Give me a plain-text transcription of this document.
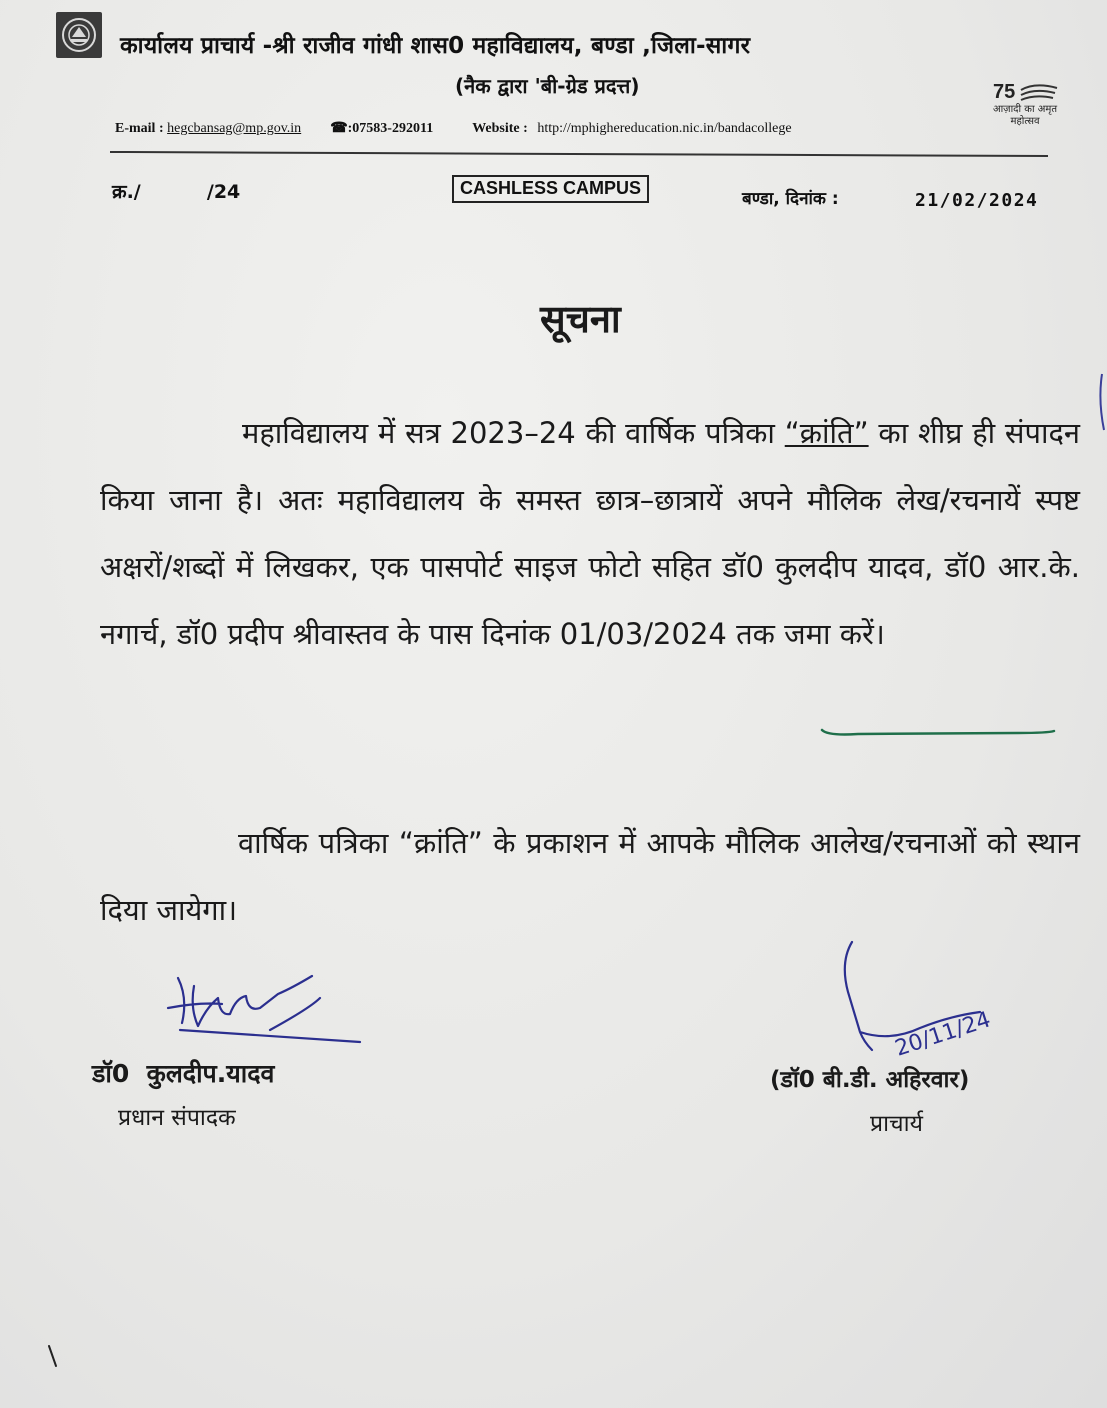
कार्यालय प्राचार्य -श्री राजीव गांधी शास0 महाविद्यालय, बण्डा ,जिला-सागर
(नैक द्वारा 'बी-ग्रेड प्रदत्त)	75
आज़ादी का अमृत महोत्सव
E-mail : hegcbansag@mp.gov.in ☎:07583-292011	Website : http://mphighereducation.nic.in/bandacollege
क्र./          /24	CASHLESS CAMPUS
बण्डा, दिनांक :	21/02/2024
सूचना
महाविद्यालय में सत्र 2023–24 की वार्षिक पत्रिका “क्रांति” का शीघ्र ही संपादन किया जाना है। अतः महाविद्यालय के समस्त छात्र–छात्रायें अपने मौलिक लेख/रचनायें स्पष्ट अक्षरों/शब्दों में लिखकर, एक पासपोर्ट साइज फोटो सहित डॉ0 कुलदीप यादव, डॉ0 आर.के. नगार्च, डॉ0 प्रदीप श्रीवास्तव के पास दिनांक 01/03/2024 तक जमा करें।
वार्षिक पत्रिका “क्रांति” के प्रकाशन में आपके मौलिक आलेख/रचनाओं को स्थान दिया जायेगा।
20/11/24
डॉ0  कुलदीप.यादव
प्रधान संपादक
(डॉ0 बी.डी. अहिरवार)
प्राचार्य
